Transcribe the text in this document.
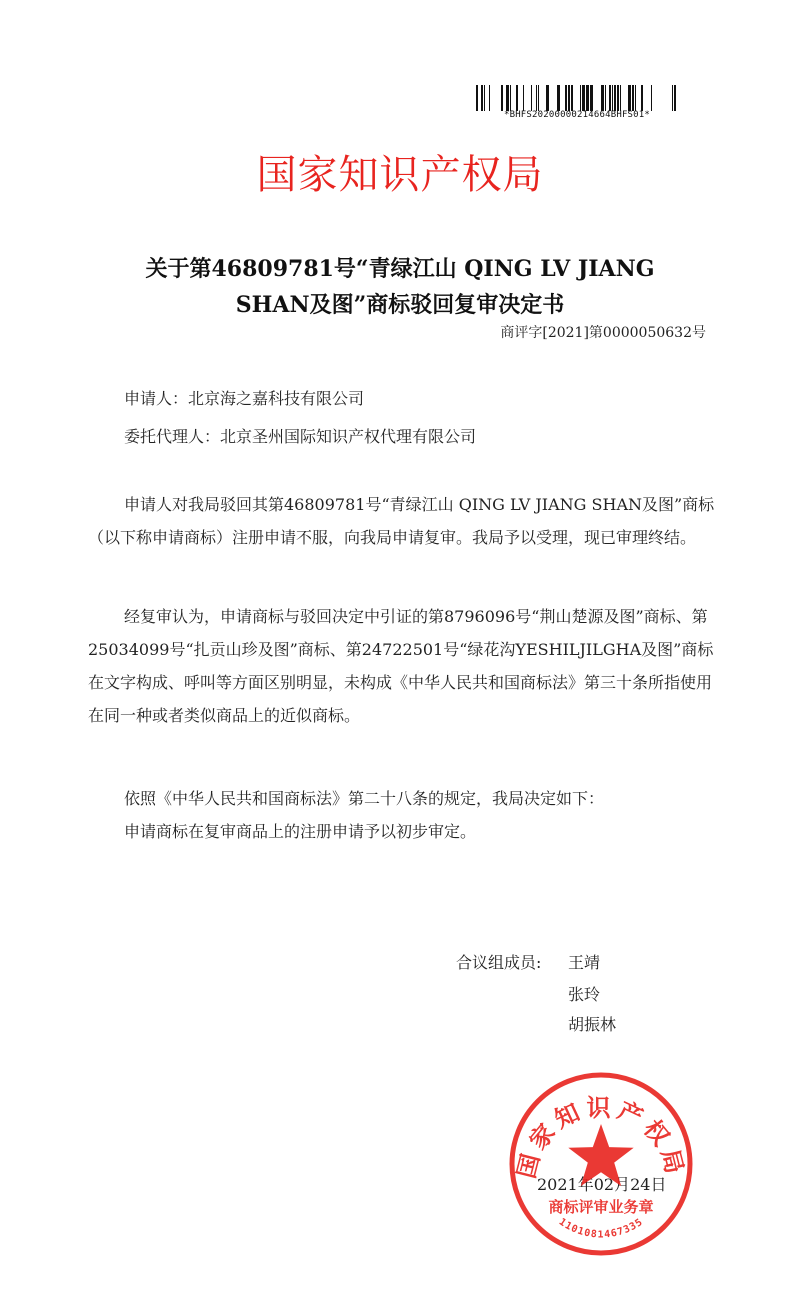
*BHFS20200000214664BHFS01*
国家知识产权局
关于第46809781号“青绿江山 QING LV JIANG
SHAN及图”商标驳回复审决定书
商评字[2021]第0000050632号
申请人：北京海之嘉科技有限公司
委托代理人：北京圣州国际知识产权代理有限公司
申请人对我局驳回其第46809781号“青绿江山 QING LV JIANG SHAN及图”商标（以下称申请商标）注册申请不服，向我局申请复审。我局予以受理，现已审理终结。
经复审认为，申请商标与驳回决定中引证的第8796096号“荆山楚源及图”商标、第25034099号“扎贡山珍及图”商标、第24722501号“绿花沟YESHILJILGHA及图”商标在文字构成、呼叫等方面区别明显，未构成《中华人民共和国商标法》第三十条所指使用在同一种或者类似商品上的近似商标。
依照《中华人民共和国商标法》第二十八条的规定，我局决定如下：
申请商标在复审商品上的注册申请予以初步审定。
合议组成员: 王靖
张玲
胡振林
2021年02月24日
国家知识产权局
商标评审业务章
1101081467335
